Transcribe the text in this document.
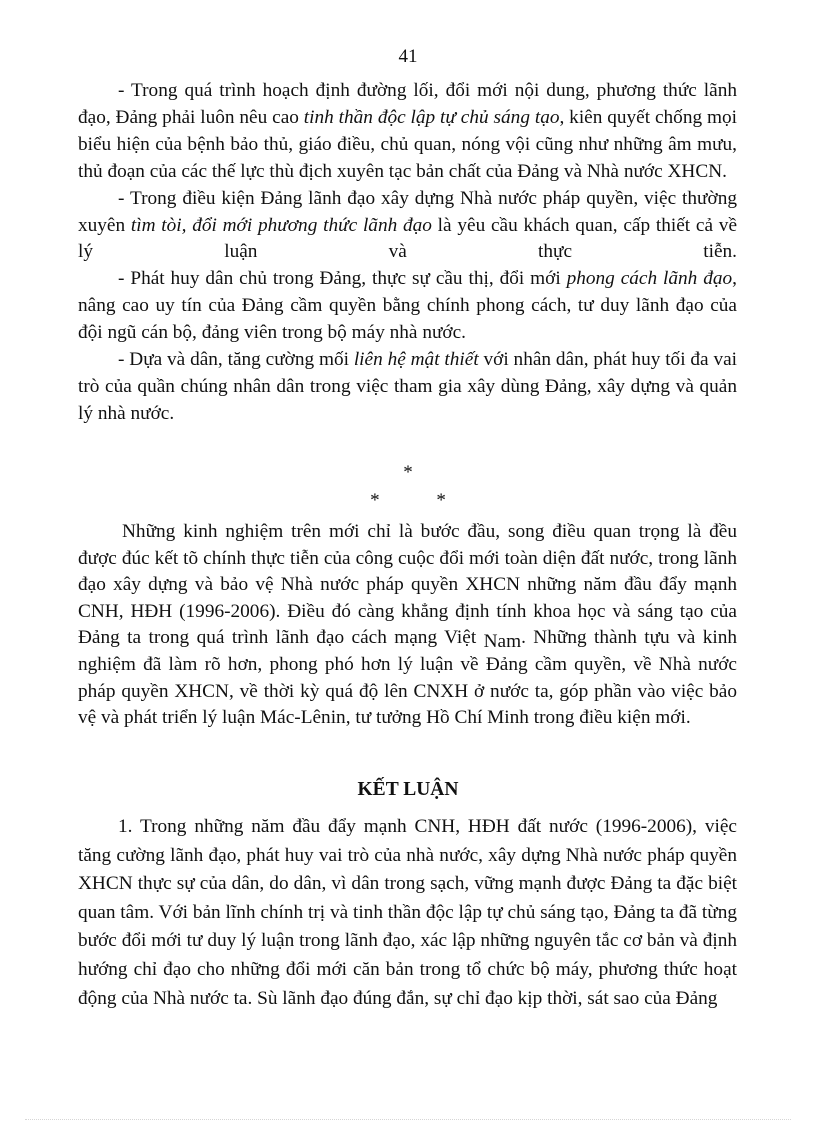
41

- Trong quá trình hoạch định đường lối, đổi mới nội dung, phương thức lãnh đạo, Đảng phải luôn nêu cao tinh thần độc lập tự chủ sáng tạo, kiên quyết chống mọi biểu hiện của bệnh bảo thủ, giáo điều, chủ quan, nóng vội cũng như những âm mưu, thủ đoạn của các thế lực thù địch xuyên tạc bản chất của Đảng và Nhà nước XHCN.

- Trong điều kiện Đảng lãnh đạo xây dựng Nhà nước pháp quyền, việc thường xuyên tìm tòi, đổi mới phương thức lãnh đạo là yêu cầu khách quan, cấp thiết cả về lý luận và thực tiễn.

- Phát huy dân chủ trong Đảng, thực sự cầu thị, đổi mới phong cách lãnh đạo, nâng cao uy tín của Đảng cầm quyền bằng chính phong cách, tư duy lãnh đạo của đội ngũ cán bộ, đảng viên trong bộ máy nhà nước.

- Dựa và dân, tăng cường mối liên hệ mật thiết với nhân dân, phát huy tối đa vai trò của quần chúng nhân dân trong việc tham gia xây dùng Đảng, xây dựng và quản lý nhà nước.

*
* *

Những kinh nghiệm trên mới chỉ là bước đầu, song điều quan trọng là đều được đúc kết tõ chính thực tiễn của công cuộc đổi mới toàn diện đất nước, trong lãnh đạo xây dựng và bảo vệ Nhà nước pháp quyền XHCN những năm đầu đẩy mạnh CNH, HĐH (1996-2006). Điều đó càng khẳng định tính khoa học và sáng tạo của Đảng ta trong quá trình lãnh đạo cách mạng Việt Nam. Những thành tựu và kinh nghiệm đã làm rõ hơn, phong phó hơn lý luận về Đảng cầm quyền, về Nhà nước pháp quyền XHCN, về thời kỳ quá độ lên CNXH ở nước ta, góp phần vào việc bảo vệ và phát triển lý luận Mác-Lênin, tư tưởng Hồ Chí Minh trong điều kiện mới.

KẾT LUẬN

1. Trong những năm đầu đẩy mạnh CNH, HĐH đất nước (1996-2006), việc tăng cường lãnh đạo, phát huy vai trò của nhà nước, xây dựng Nhà nước pháp quyền XHCN thực sự của dân, do dân, vì dân trong sạch, vững mạnh được Đảng ta đặc biệt quan tâm. Với bản lĩnh chính trị và tinh thần độc lập tự chủ sáng tạo, Đảng ta đã từng bước đổi mới tư duy lý luận trong lãnh đạo, xác lập những nguyên tắc cơ bản và định hướng chỉ đạo cho những đổi mới căn bản trong tổ chức bộ máy, phương thức hoạt động của Nhà nước ta. Sù lãnh đạo đúng đắn, sự chỉ đạo kịp thời, sát sao của Đảng
